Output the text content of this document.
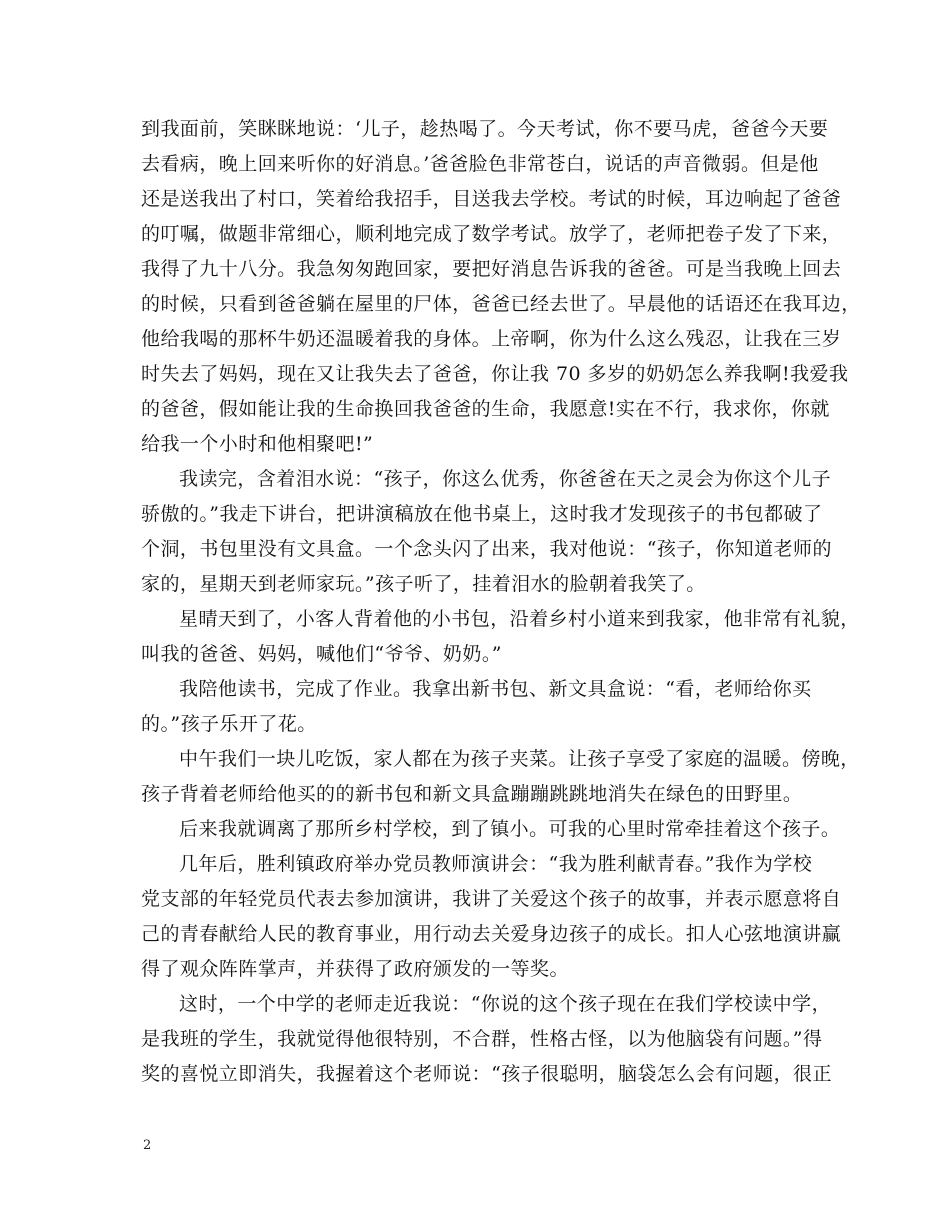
到我面前，笑眯眯地说：‘儿子，趁热喝了。今天考试，你不要马虎，爸爸今天要
去看病，晚上回来听你的好消息。’爸爸脸色非常苍白，说话的声音微弱。但是他
还是送我出了村口，笑着给我招手，目送我去学校。考试的时候，耳边响起了爸爸
的叮嘱，做题非常细心，顺利地完成了数学考试。放学了，老师把卷子发了下来，
我得了九十八分。我急匆匆跑回家，要把好消息告诉我的爸爸。可是当我晚上回去
的时候，只看到爸爸躺在屋里的尸体，爸爸已经去世了。早晨他的话语还在我耳边，
他给我喝的那杯牛奶还温暖着我的身体。上帝啊，你为什么这么残忍，让我在三岁
时失去了妈妈，现在又让我失去了爸爸，你让我 70 多岁的奶奶怎么养我啊!我爱我
的爸爸，假如能让我的生命换回我爸爸的生命，我愿意!实在不行，我求你，你就
给我一个小时和他相聚吧!”
我读完，含着泪水说：“孩子，你这么优秀，你爸爸在天之灵会为你这个儿子
骄傲的。”我走下讲台，把讲演稿放在他书桌上，这时我才发现孩子的书包都破了
个洞，书包里没有文具盒。一个念头闪了出来，我对他说：“孩子，你知道老师的
家的，星期天到老师家玩。”孩子听了，挂着泪水的脸朝着我笑了。
星晴天到了，小客人背着他的小书包，沿着乡村小道来到我家，他非常有礼貌，
叫我的爸爸、妈妈，喊他们“爷爷、奶奶。”
我陪他读书，完成了作业。我拿出新书包、新文具盒说：“看，老师给你买
的。”孩子乐开了花。
中午我们一块儿吃饭，家人都在为孩子夹菜。让孩子享受了家庭的温暖。傍晚，
孩子背着老师给他买的的新书包和新文具盒蹦蹦跳跳地消失在绿色的田野里。
后来我就调离了那所乡村学校，到了镇小。可我的心里时常牵挂着这个孩子。
几年后，胜利镇政府举办党员教师演讲会：“我为胜利献青春。”我作为学校
党支部的年轻党员代表去参加演讲，我讲了关爱这个孩子的故事，并表示愿意将自
己的青春献给人民的教育事业，用行动去关爱身边孩子的成长。扣人心弦地演讲赢
得了观众阵阵掌声，并获得了政府颁发的一等奖。
这时，一个中学的老师走近我说：“你说的这个孩子现在在我们学校读中学，
是我班的学生，我就觉得他很特别，不合群，性格古怪，以为他脑袋有问题。”得
奖的喜悦立即消失，我握着这个老师说：“孩子很聪明，脑袋怎么会有问题，很正
2
